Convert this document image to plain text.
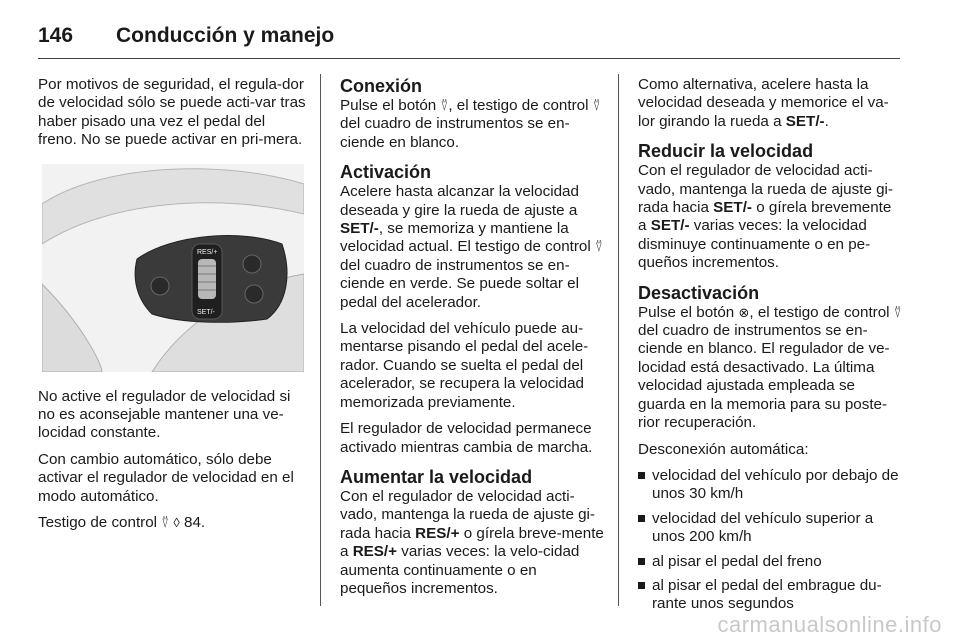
146	Conducción y manejo

Por motivos de seguridad, el regula-dor de velocidad sólo se puede acti-var tras haber pisado una vez el pedal del freno. No se puede activar en pri-mera.

RES/+
SET/-

No active el regulador de velocidad si no es aconsejable mantener una ve-locidad constante.

Con cambio automático, sólo debe activar el regulador de velocidad en el modo automático.

Testigo de control ⍢ ◊ 84.

Conexión

Pulse el botón ⍢, el testigo de control ⍢ del cuadro de instrumentos se en-ciende en blanco.

Activación

Acelere hasta alcanzar la velocidad deseada y gire la rueda de ajuste a SET/-, se memoriza y mantiene la velocidad actual. El testigo de control ⍢ del cuadro de instrumentos se en-ciende en verde. Se puede soltar el pedal del acelerador.

La velocidad del vehículo puede au-mentarse pisando el pedal del acele-rador. Cuando se suelta el pedal del acelerador, se recupera la velocidad memorizada previamente.

El regulador de velocidad permanece activado mientras cambia de marcha.

Aumentar la velocidad

Con el regulador de velocidad acti-vado, mantenga la rueda de ajuste gi-rada hacia RES/+ o gírela breve-mente a RES/+ varias veces: la velo-cidad aumenta continuamente o en pequeños incrementos.

Como alternativa, acelere hasta la velocidad deseada y memorice el va-lor girando la rueda a SET/-.

Reducir la velocidad

Con el regulador de velocidad acti-vado, mantenga la rueda de ajuste gi-rada hacia SET/- o gírela brevemente a SET/- varias veces: la velocidad disminuye continuamente o en pe-queños incrementos.

Desactivación

Pulse el botón ⊗, el testigo de control ⍢ del cuadro de instrumentos se en-ciende en blanco. El regulador de ve-locidad está desactivado. La última velocidad ajustada empleada se guarda en la memoria para su poste-rior recuperación.

Desconexión automática:

velocidad del vehículo por debajo de unos 30 km/h
velocidad del vehículo superior a unos 200 km/h
al pisar el pedal del freno
al pisar el pedal del embrague du-rante unos segundos
carmanualsonline.info
